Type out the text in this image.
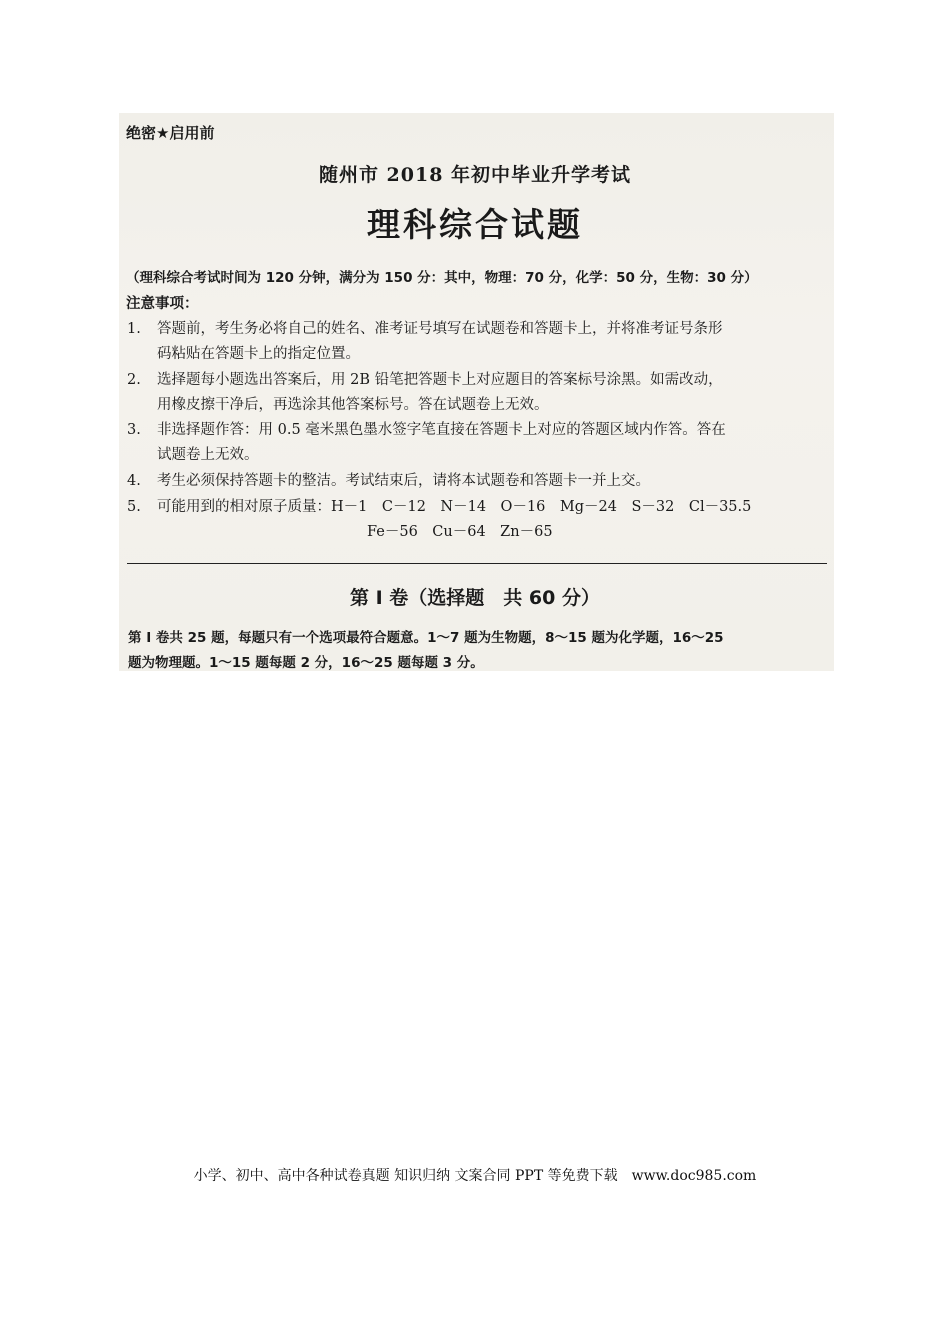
绝密★启用前
随州市 2018 年初中毕业升学考试
理科综合试题
（理科综合考试时间为 120 分钟，满分为 150 分：其中，物理：70 分，化学：50 分，生物：30 分）
注意事项：
1. 答题前，考生务必将自己的姓名、准考证号填写在试题卷和答题卡上，并将准考证号条形
码粘贴在答题卡上的指定位置。
2. 选择题每小题选出答案后，用 2B 铅笔把答题卡上对应题目的答案标号涂黑。如需改动，
用橡皮擦干净后，再选涂其他答案标号。答在试题卷上无效。
3. 非选择题作答：用 0.5 毫米黑色墨水签字笔直接在答题卡上对应的答题区域内作答。答在
试题卷上无效。
4. 考生必须保持答题卡的整洁。考试结束后，请将本试题卷和答题卡一并上交。
5. 可能用到的相对原子质量：H－1　C－12　N－14　O－16　Mg－24　S－32　Cl－35.5
Fe－56　Cu－64　Zn－65
第 I 卷（选择题　共 60 分）
第 I 卷共 25 题，每题只有一个选项最符合题意。1～7 题为生物题，8～15 题为化学题，16～25
题为物理题。1～15 题每题 2 分，16～25 题每题 3 分。
小学、初中、高中各种试卷真题 知识归纳 文案合同 PPT 等免费下载　www.doc985.com
